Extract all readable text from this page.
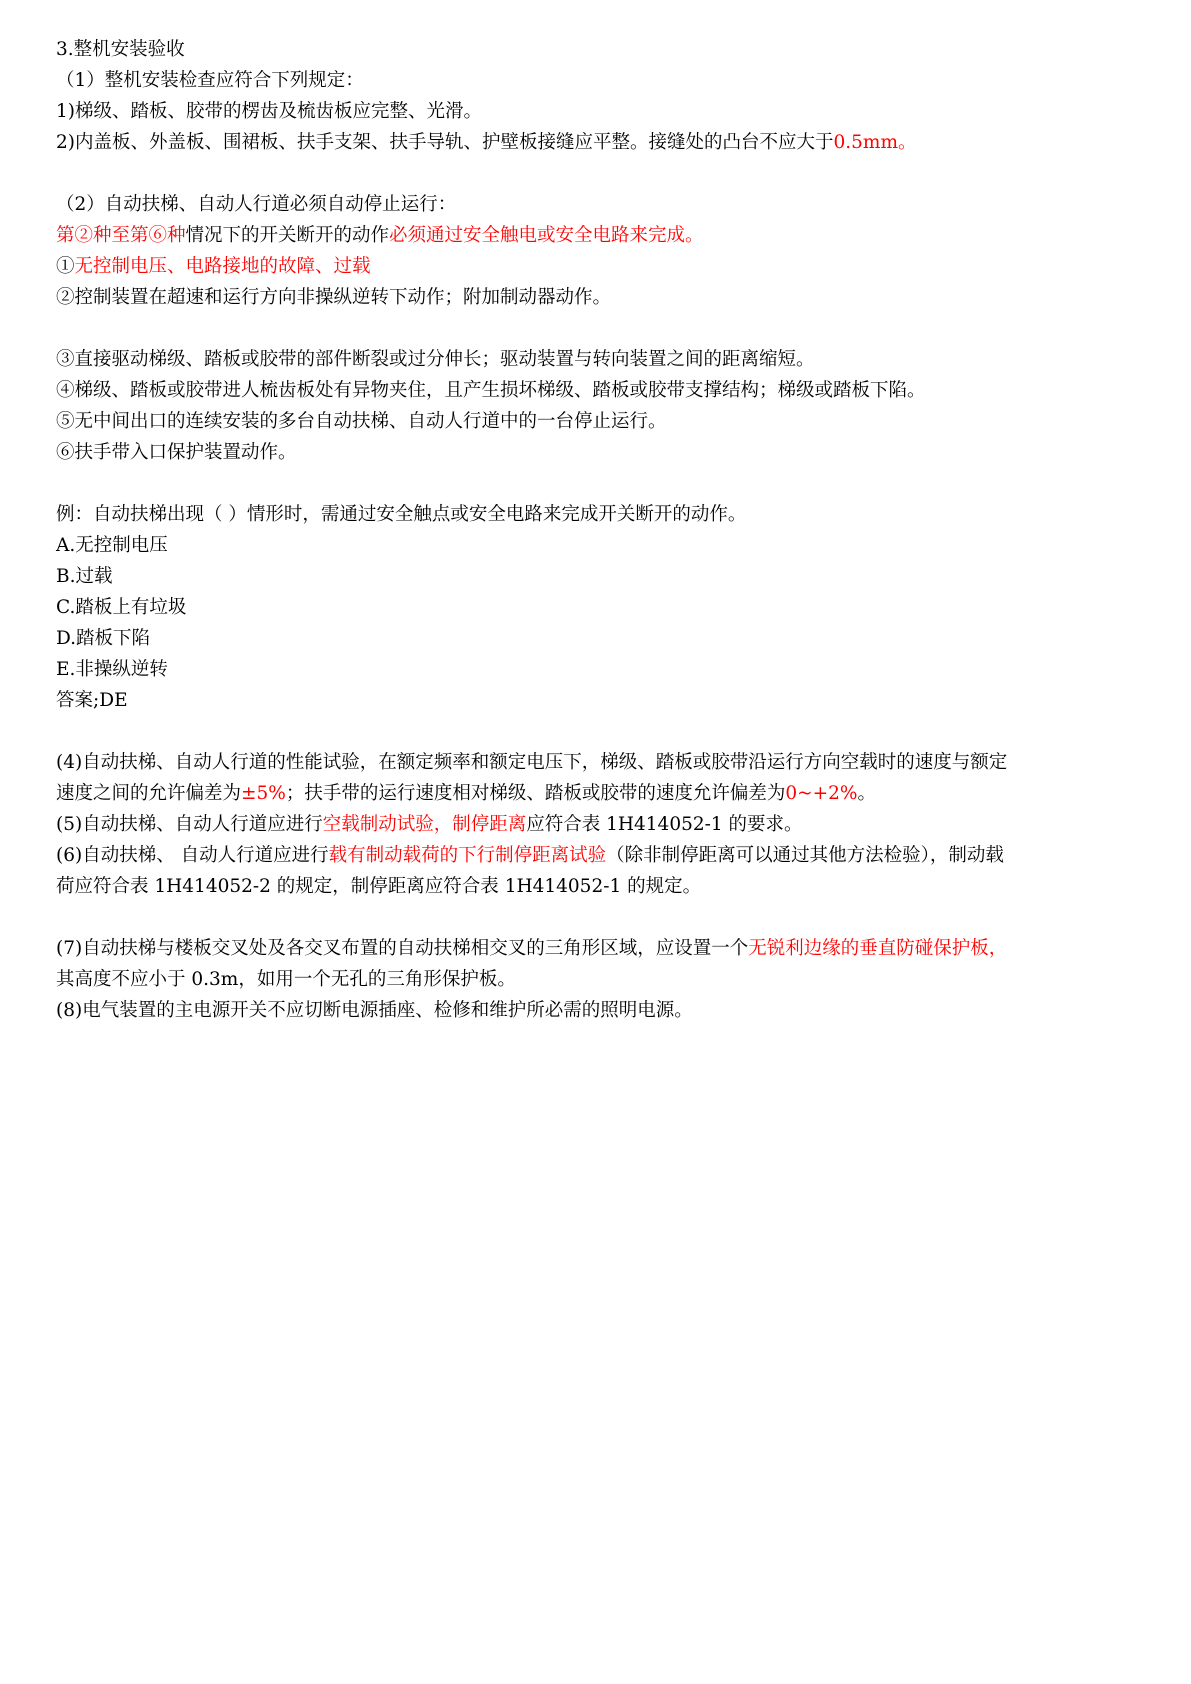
3.整机安装验收

（1）整机安装检查应符合下列规定：

1)梯级、踏板、胶带的楞齿及梳齿板应完整、光滑。

2)内盖板、外盖板、围裙板、扶手支架、扶手导轨、护壁板接缝应平整。接缝处的凸台不应大于0.5mm。

（2）自动扶梯、自动人行道必须自动停止运行：

第②种至第⑥种情况下的开关断开的动作必须通过安全触电或安全电路来完成。

①无控制电压、电路接地的故障、过载

②控制装置在超速和运行方向非操纵逆转下动作；附加制动器动作。

③直接驱动梯级、踏板或胶带的部件断裂或过分伸长；驱动装置与转向装置之间的距离缩短。

④梯级、踏板或胶带进人梳齿板处有异物夹住，且产生损坏梯级、踏板或胶带支撑结构；梯级或踏板下陷。

⑤无中间出口的连续安装的多台自动扶梯、自动人行道中的一台停止运行。

⑥扶手带入口保护装置动作。

例：自动扶梯出现（ ）情形时，需通过安全触点或安全电路来完成开关断开的动作。

A.无控制电压

B.过载

C.踏板上有垃圾

D.踏板下陷

E.非操纵逆转

答案;DE

(4)自动扶梯、自动人行道的性能试验，在额定频率和额定电压下，梯级、踏板或胶带沿运行方向空载时的速度与额定

速度之间的允许偏差为±5%；扶手带的运行速度相对梯级、踏板或胶带的速度允许偏差为0~+2%。

(5)自动扶梯、自动人行道应进行空载制动试验，制停距离应符合表 1H414052-1 的要求。

(6)自动扶梯、 自动人行道应进行载有制动载荷的下行制停距离试验（除非制停距离可以通过其他方法检验），制动载

荷应符合表 1H414052-2 的规定，制停距离应符合表 1H414052-1 的规定。

(7)自动扶梯与楼板交叉处及各交叉布置的自动扶梯相交叉的三角形区域，应设置一个无锐利边缘的垂直防碰保护板，

其高度不应小于 0.3m，如用一个无孔的三角形保护板。

(8)电气装置的主电源开关不应切断电源插座、检修和维护所必需的照明电源。
